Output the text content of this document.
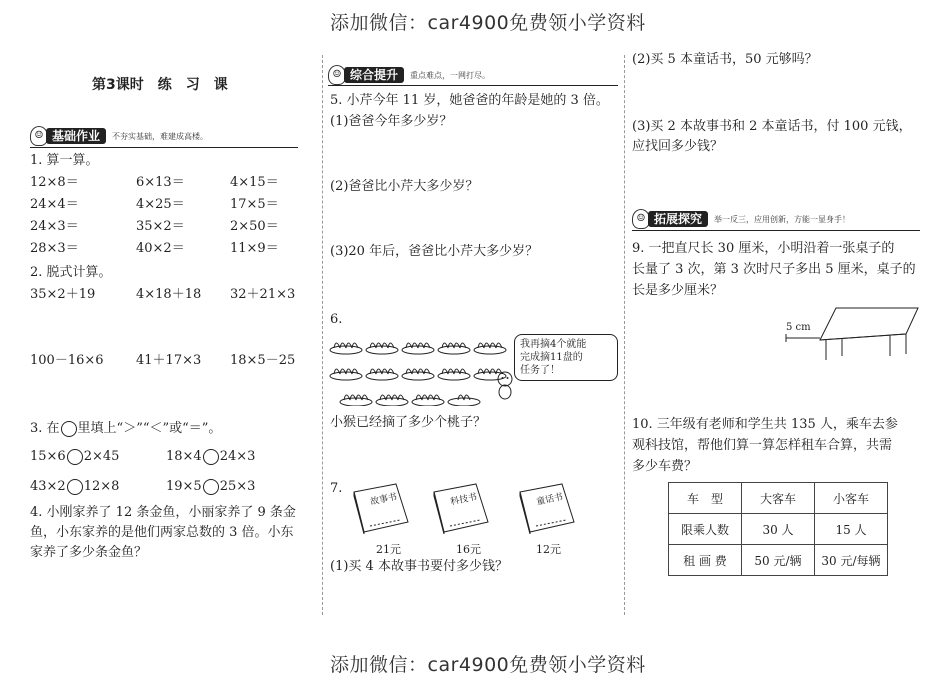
添加微信：car4900免费领小学资料
添加微信：car4900免费领小学资料
第3课时　练　习　课
☺ 基础作业	不夯实基础，难建成高楼。
1. 算一算。
12×8＝	6×13＝	4×15＝
24×4＝	4×25＝	17×5＝
24×3＝	35×2＝	2×50＝
28×3＝	40×2＝	11×9＝
2. 脱式计算。
35×2＋19	4×18＋18 32＋21×3
100－16×6 41＋17×3 18×5－25
3. 在 里填上“＞”“＜”或“＝”。
15×6 2×45	18×4 24×3
43×2 12×8	19×5 25×3
4. 小刚家养了 12 条金鱼，小丽家养了 9 条金
鱼，小东家养的是他们两家总数的 3 倍。小东
家养了多少条金鱼？
☺ 综合提升	重点难点，一网打尽。
5. 小芹今年 11 岁，她爸爸的年龄是她的 3 倍。
(1)爸爸今年多少岁？
(2)爸爸比小芹大多少岁？
(3)20 年后，爸爸比小芹大多少岁？
6.
我再摘4个就能
完成摘11盘的
任务了！
小猴已经摘了多少个桃子？
7.
故事书	科技书	童话书
21元	16元	12元
(1)买 4 本故事书要付多少钱？
(2)买 5 本童话书，50 元够吗？
(3)买 2 本故事书和 2 本童话书，付 100 元钱，
应找回多少钱？
☺ 拓展探究	举一反三，应用创新，方能一显身手！
9. 一把直尺长 30 厘米，小明沿着一张桌子的
长量了 3 次，第 3 次时尺子多出 5 厘米，桌子的
长是多少厘米？
5 cm
10. 三年级有老师和学生共 135 人，乘车去参
观科技馆，帮他们算一算怎样租车合算，共需
多少车费？
车　型	大客车	小客车
限乘人数	30 人	15 人
租 画 费	50 元/辆	30 元/每辆
